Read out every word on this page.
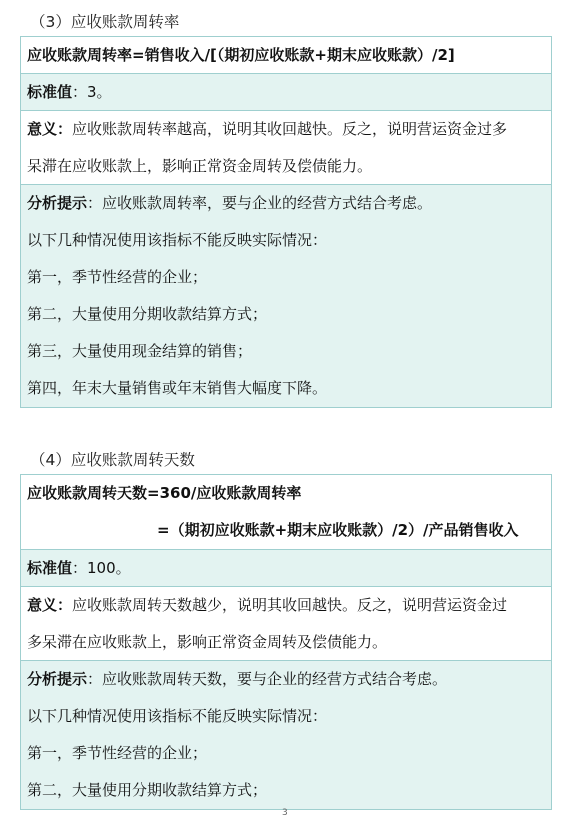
（3）应收账款周转率
应收账款周转率=销售收入/[（期初应收账款+期末应收账款）/2]
标准值：3。
意义：应收账款周转率越高，说明其收回越快。反之，说明营运资金过多
呆滞在应收账款上，影响正常资金周转及偿债能力。
分析提示：应收账款周转率，要与企业的经营方式结合考虑。
以下几种情况使用该指标不能反映实际情况：
第一，季节性经营的企业；
第二，大量使用分期收款结算方式；
第三，大量使用现金结算的销售；
第四，年末大量销售或年末销售大幅度下降。
（4）应收账款周转天数
应收账款周转天数=360/应收账款周转率
=（期初应收账款+期末应收账款）/2）/产品销售收入
标准值：100。
意义：应收账款周转天数越少，说明其收回越快。反之，说明营运资金过
多呆滞在应收账款上，影响正常资金周转及偿债能力。
分析提示：应收账款周转天数，要与企业的经营方式结合考虑。
以下几种情况使用该指标不能反映实际情况：
第一，季节性经营的企业；
第二，大量使用分期收款结算方式；
3
